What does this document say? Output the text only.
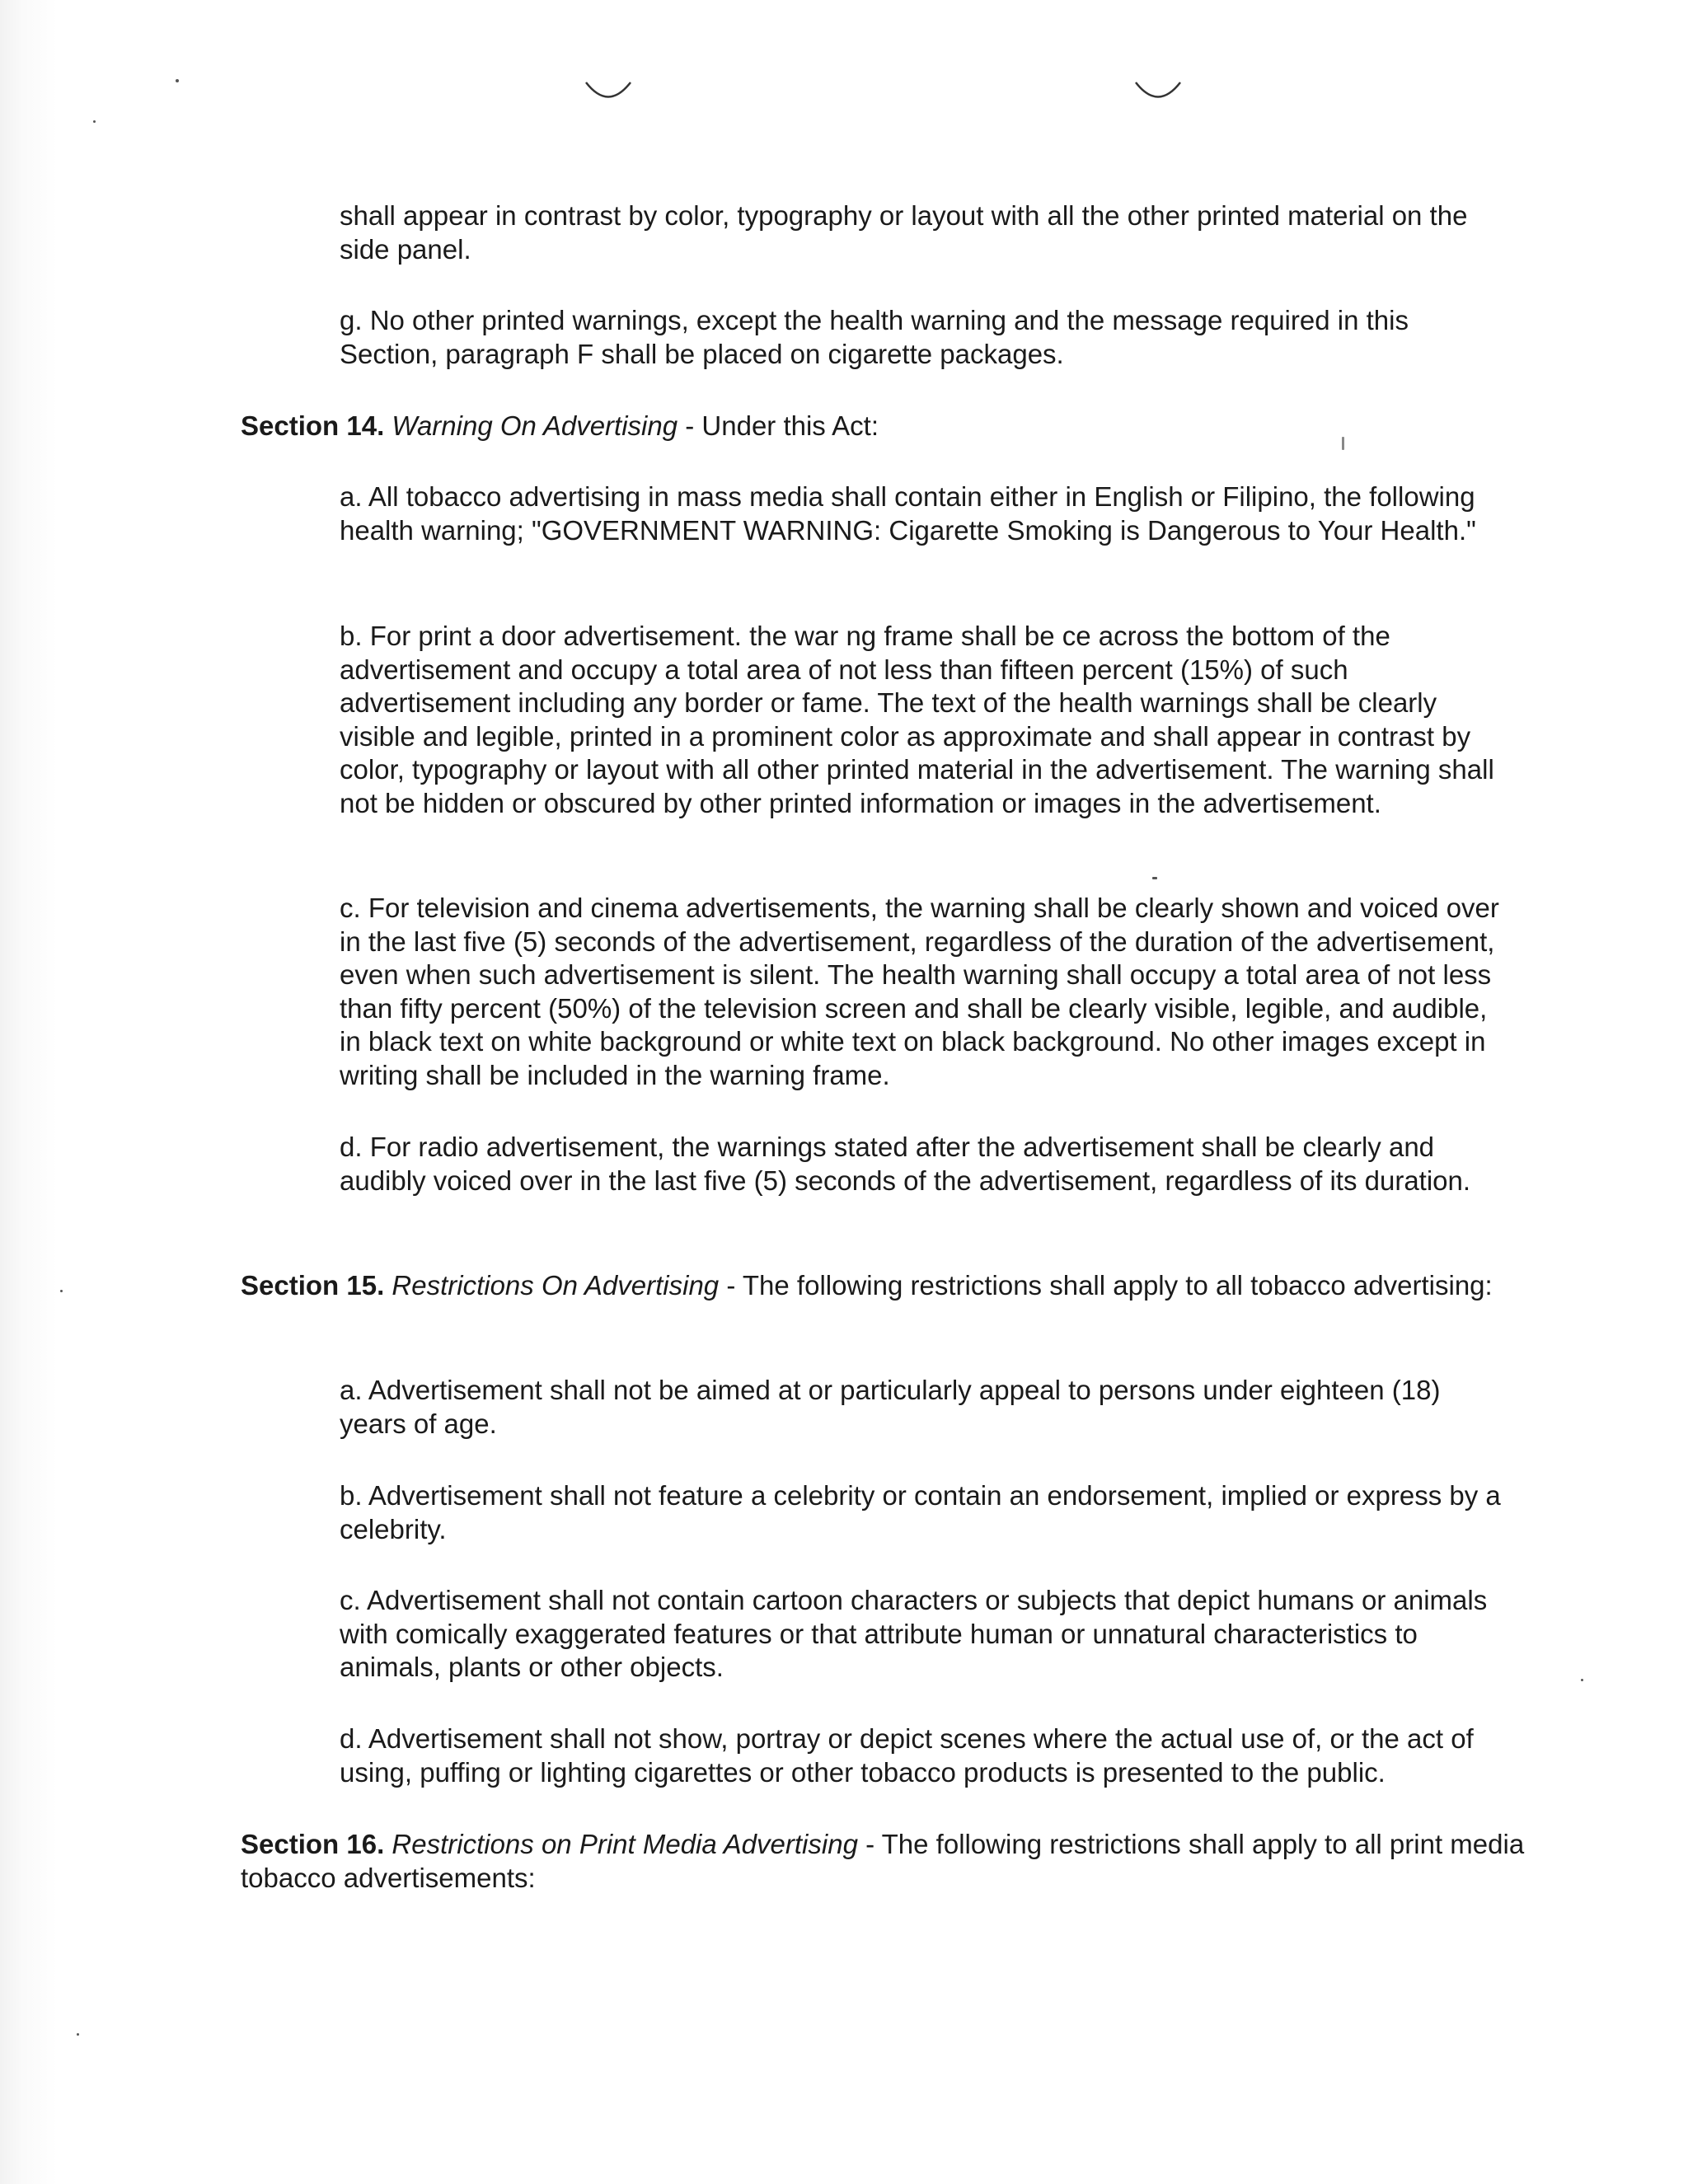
shall appear in contrast by color, typography or layout with all the other printed material on the side panel.

g. No other printed warnings, except the health warning and the message required in this Section, paragraph F shall be placed on cigarette packages.

Section 14. Warning On Advertising - Under this Act:

a. All tobacco advertising in mass media shall contain either in English or Filipino, the following health warning; "GOVERNMENT WARNING: Cigarette Smoking is Dangerous to Your Health."

b. For print a door advertisement. the war ng frame shall be ce across the bottom of the advertisement and occupy a total area of not less than fifteen percent (15%) of such advertisement including any border or fame. The text of the health warnings shall be clearly visible and legible, printed in a prominent color as approximate and shall appear in contrast by color, typography or layout with all other printed material in the advertisement. The warning shall not be hidden or obscured by other printed information or images in the advertisement.

c. For television and cinema advertisements, the warning shall be clearly shown and voiced over in the last five (5) seconds of the advertisement, regardless of the duration of the advertisement, even when such advertisement is silent. The health warning shall occupy a total area of not less than fifty percent (50%) of the television screen and shall be clearly visible, legible, and audible, in black text on white background or white text on black background. No other images except in writing shall be included in the warning frame.

d. For radio advertisement, the warnings stated after the advertisement shall be clearly and audibly voiced over in the last five (5) seconds of the advertisement, regardless of its duration.

Section 15. Restrictions On Advertising - The following restrictions shall apply to all tobacco advertising:

a. Advertisement shall not be aimed at or particularly appeal to persons under eighteen (18) years of age.

b. Advertisement shall not feature a celebrity or contain an endorsement, implied or express by a celebrity.

c. Advertisement shall not contain cartoon characters or subjects that depict humans or animals with comically exaggerated features or that attribute human or unnatural characteristics to animals, plants or other objects.

d. Advertisement shall not show, portray or depict scenes where the actual use of, or the act of using, puffing or lighting cigarettes or other tobacco products is presented to the public.

Section 16. Restrictions on Print Media Advertising - The following restrictions shall apply to all print media tobacco advertisements:
